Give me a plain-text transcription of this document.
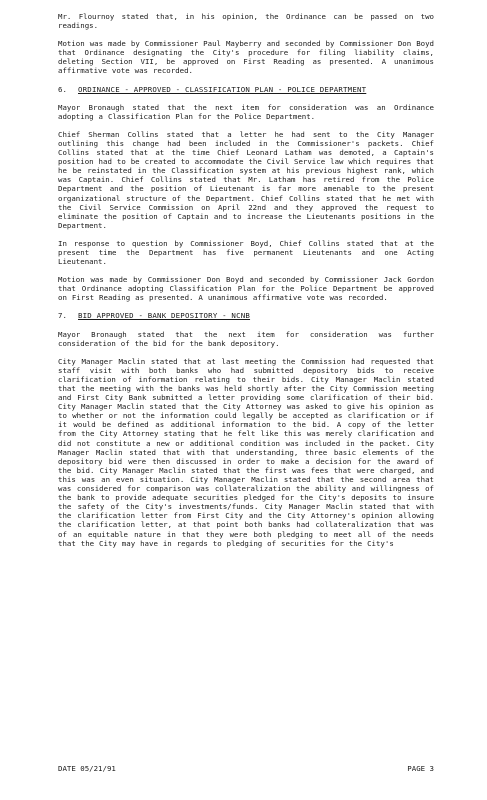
Mr. Flournoy stated that, in his opinion, the Ordinance can be passed on two readings.

Motion was made by Commissioner Paul Mayberry and seconded by Commissioner Don Boyd that Ordinance designating the City's procedure for filing liability claims, deleting Section VII, be approved on First Reading as presented. A unanimous affirmative vote was recorded.

6.	ORDINANCE - APPROVED - CLASSIFICATION PLAN - POLICE DEPARTMENT

Mayor Bronaugh stated that the next item for consideration was an Ordinance adopting a Classification Plan for the Police Department.

Chief Sherman Collins stated that a letter he had sent to the City Manager outlining this change had been included in the Commissioner's packets. Chief Collins stated that at the time Chief Leonard Latham was demoted, a Captain's position had to be created to accommodate the Civil Service law which requires that he be reinstated in the Classification system at his previous highest rank, which was Captain. Chief Collins stated that Mr. Latham has retired from the Police Department and the position of Lieutenant is far more amenable to the present organizational structure of the Department. Chief Collins stated that he met with the Civil Service Commission on April 22nd and they approved the request to eliminate the position of Captain and to increase the Lieutenants positions in the Department.

In response to question by Commissioner Boyd, Chief Collins stated that at the present time the Department has five permanent Lieutenants and one Acting Lieutenant.

Motion was made by Commissioner Don Boyd and seconded by Commissioner Jack Gordon that Ordinance adopting Classification Plan for the Police Department be approved on First Reading as presented. A unanimous affirmative vote was recorded.

7.	BID APPROVED - BANK DEPOSITORY - NCNB

Mayor Bronaugh stated that the next item for consideration was further consideration of the bid for the bank depository.

City Manager Maclin stated that at last meeting the Commission had requested that staff visit with both banks who had submitted depository bids to receive clarification of information relating to their bids. City Manager Maclin stated that the meeting with the banks was held shortly after the City Commission meeting and First City Bank submitted a letter providing some clarification of their bid. City Manager Maclin stated that the City Attorney was asked to give his opinion as to whether or not the information could legally be accepted as clarification or if it would be defined as additional information to the bid. A copy of the letter from the City Attorney stating that he felt like this was merely clarification and did not constitute a new or additional condition was included in the packet. City Manager Maclin stated that with that understanding, three basic elements of the depository bid were then discussed in order to make a decision for the award of the bid. City Manager Maclin stated that the first was fees that were charged, and this was an even situation. City Manager Maclin stated that the second area that was considered for comparison was collateralization the ability and willingness of the bank to provide adequate securities pledged for the City's deposits to insure the safety of the City's investments/funds. City Manager Maclin stated that with the clarification letter from First City and the City Attorney's opinion allowing the clarification letter, at that point both banks had collateralization that was of an equitable nature in that they were both pledging to meet all of the needs that the City may have in regards to pledging of securities for the City's

DATE 05/21/91	PAGE 3
